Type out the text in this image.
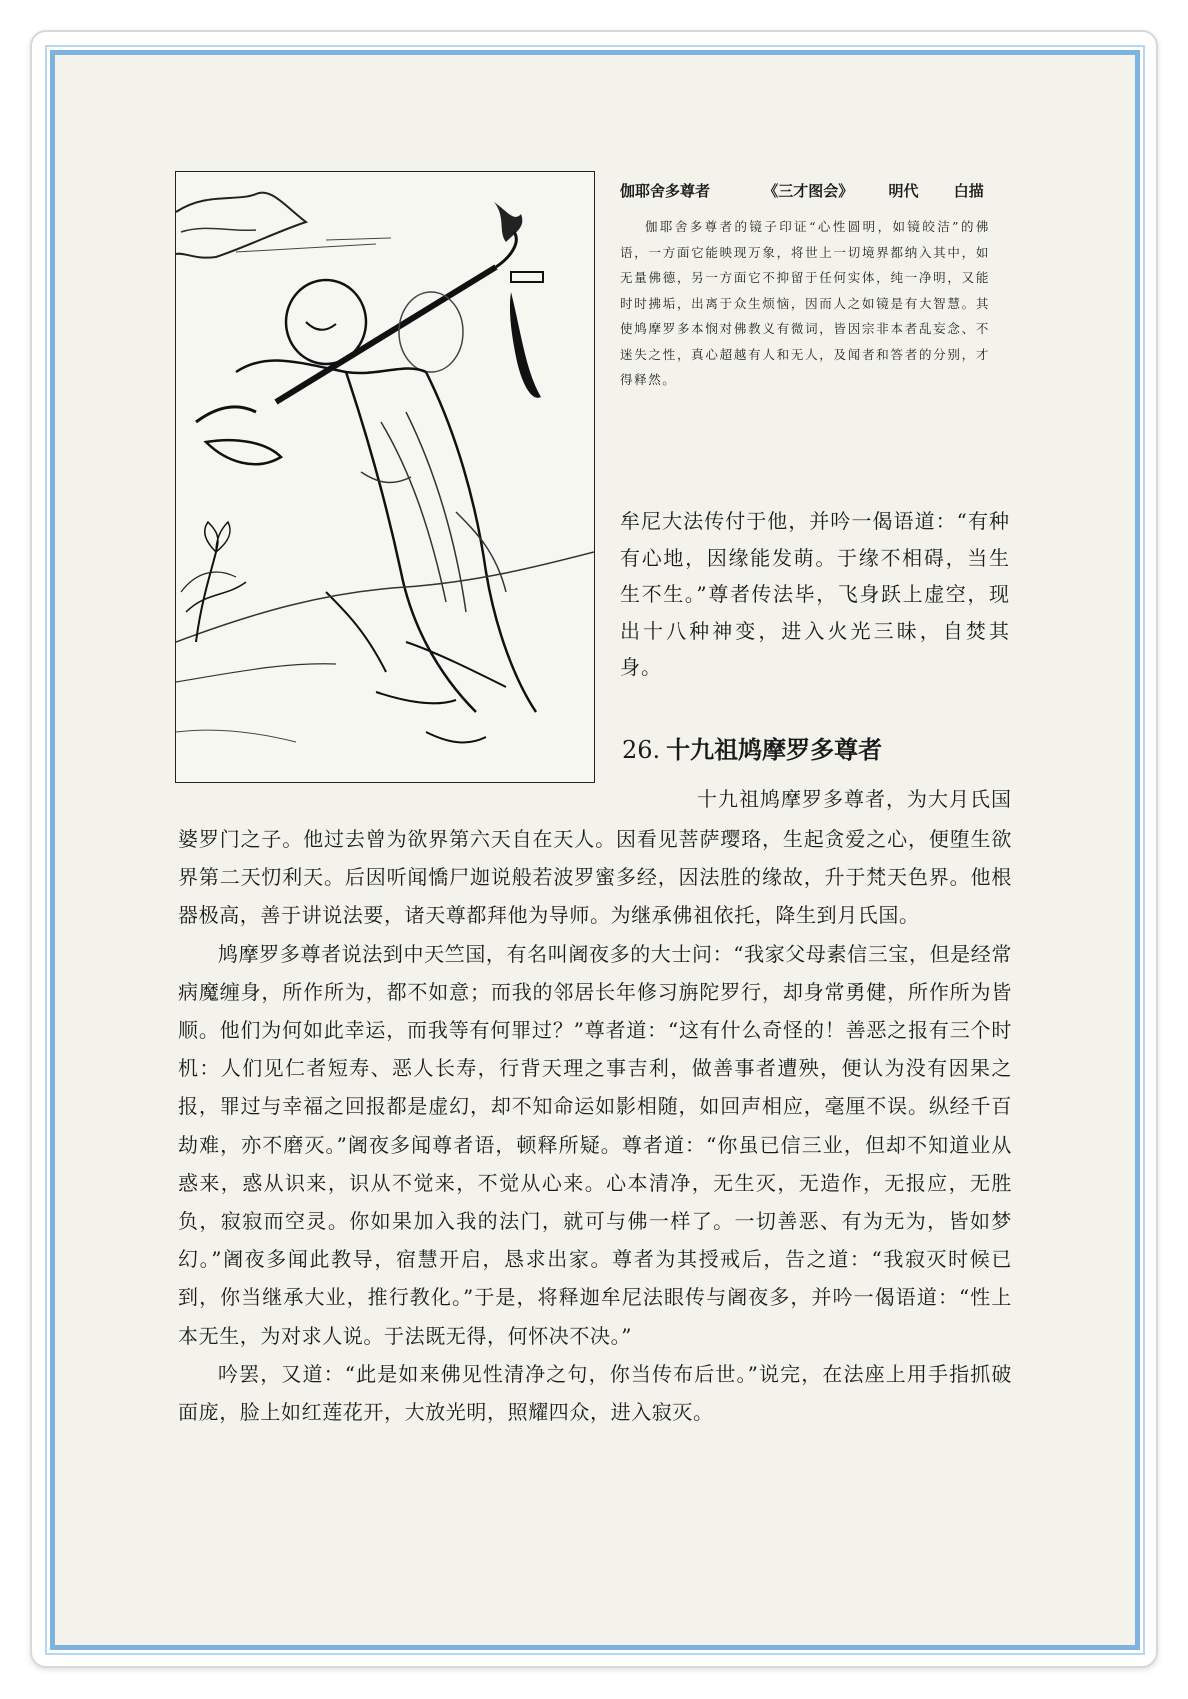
伽耶舍多尊者	《三才图会》 明代 白描
伽耶舍多尊者的镜子印证“心性圆明，如镜皎洁”的佛语，一方面它能映现万象，将世上一切境界都纳入其中，如无量佛德，另一方面它不抑留于任何实体，纯一净明，又能时时拂垢，出离于众生烦恼，因而人之如镜是有大智慧。其使鸠摩罗多本悯对佛教义有微词，皆因宗非本者乱妄念、不迷失之性，真心超越有人和无人，及闻者和答者的分别，才得释然。
牟尼大法传付于他，并吟一偈语道：“有种有心地，因缘能发萌。于缘不相碍，当生生不生。”尊者传法毕，飞身跃上虚空，现出十八种神变，进入火光三昧，自焚其身。
26. 十九祖鸠摩罗多尊者
十九祖鸠摩罗多尊者，为大月氏国

婆罗门之子。他过去曾为欲界第六天自在天人。因看见菩萨璎珞，生起贪爱之心，便堕生欲界第二天忉利天。后因听闻憍尸迦说般若波罗蜜多经，因法胜的缘故，升于梵天色界。他根器极高，善于讲说法要，诸天尊都拜他为导师。为继承佛祖依托，降生到月氏国。

鸠摩罗多尊者说法到中天竺国，有名叫阇夜多的大士问：“我家父母素信三宝，但是经常病魔缠身，所作所为，都不如意；而我的邻居长年修习旃陀罗行，却身常勇健，所作所为皆顺。他们为何如此幸运，而我等有何罪过？”尊者道：“这有什么奇怪的！善恶之报有三个时机：人们见仁者短寿、恶人长寿，行背天理之事吉利，做善事者遭殃，便认为没有因果之报，罪过与幸福之回报都是虚幻，却不知命运如影相随，如回声相应，毫厘不误。纵经千百劫难，亦不磨灭。”阇夜多闻尊者语，顿释所疑。尊者道：“你虽已信三业，但却不知道业从惑来，惑从识来，识从不觉来，不觉从心来。心本清净，无生灭，无造作，无报应，无胜负，寂寂而空灵。你如果加入我的法门，就可与佛一样了。一切善恶、有为无为，皆如梦幻。”阇夜多闻此教导，宿慧开启，恳求出家。尊者为其授戒后，告之道：“我寂灭时候已到，你当继承大业，推行教化。”于是，将释迦牟尼法眼传与阇夜多，并吟一偈语道：“性上本无生，为对求人说。于法既无得，何怀决不决。”

吟罢，又道：“此是如来佛见性清净之句，你当传布后世。”说完，在法座上用手指抓破面庞，脸上如红莲花开，大放光明，照耀四众，进入寂灭。
